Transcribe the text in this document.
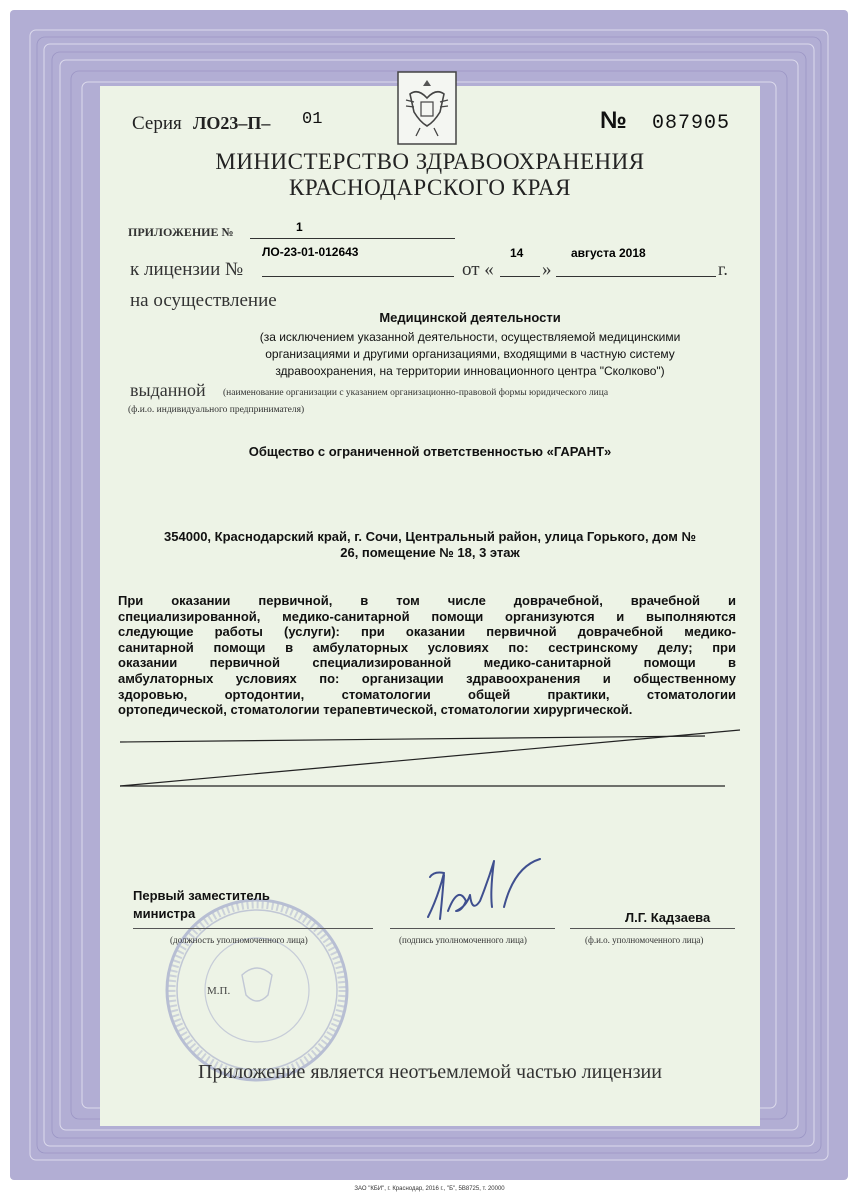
Серия ЛО23–П– 01	№ 087905
МИНИСТЕРСТВО ЗДРАВООХРАНЕНИЯ
КРАСНОДАРСКОГО КРАЯ
ПРИЛОЖЕНИЕ №	1
к лицензии №
ЛО-23-01-012643
от «
14
»
августа 2018
г.
на осуществление
Медицинской деятельности
(за исключением указанной деятельности, осуществляемой медицинскими
организациями и другими организациями, входящими в частную систему
здравоохранения, на территории инновационного центра "Сколково")
выданной (наименование организации с указанием организационно-правовой формы юридического лица
(ф.и.о. индивидуального предпринимателя)
Общество с ограниченной ответственностью «ГАРАНТ»
354000, Краснодарский край, г. Сочи, Центральный район, улица Горького, дом №
26, помещение № 18, 3 этаж
При оказании первичной, в том числе доврачебной, врачебной и
специализированной, медико-санитарной помощи организуются и выполняются
следующие работы (услуги): при оказании первичной доврачебной медико-
санитарной помощи в амбулаторных условиях по: сестринскому делу; при
оказании первичной специализированной медико-санитарной помощи в
амбулаторных условиях по: организации здравоохранения и общественному
здоровью, ортодонтии, стоматологии общей практики, стоматологии
ортопедической, стоматологии терапевтической, стоматологии хирургической.
М.П.
Первый заместитель
министра	Л.Г. Кадзаева
(должность уполномоченного лица)	(подпись уполномоченного лица)	(ф.и.о. уполномоченного лица)
Приложение является неотъемлемой частью лицензии
ЗАО "КБИ", г. Краснодар, 2016 г., "Б", 5В8725, т. 20000
